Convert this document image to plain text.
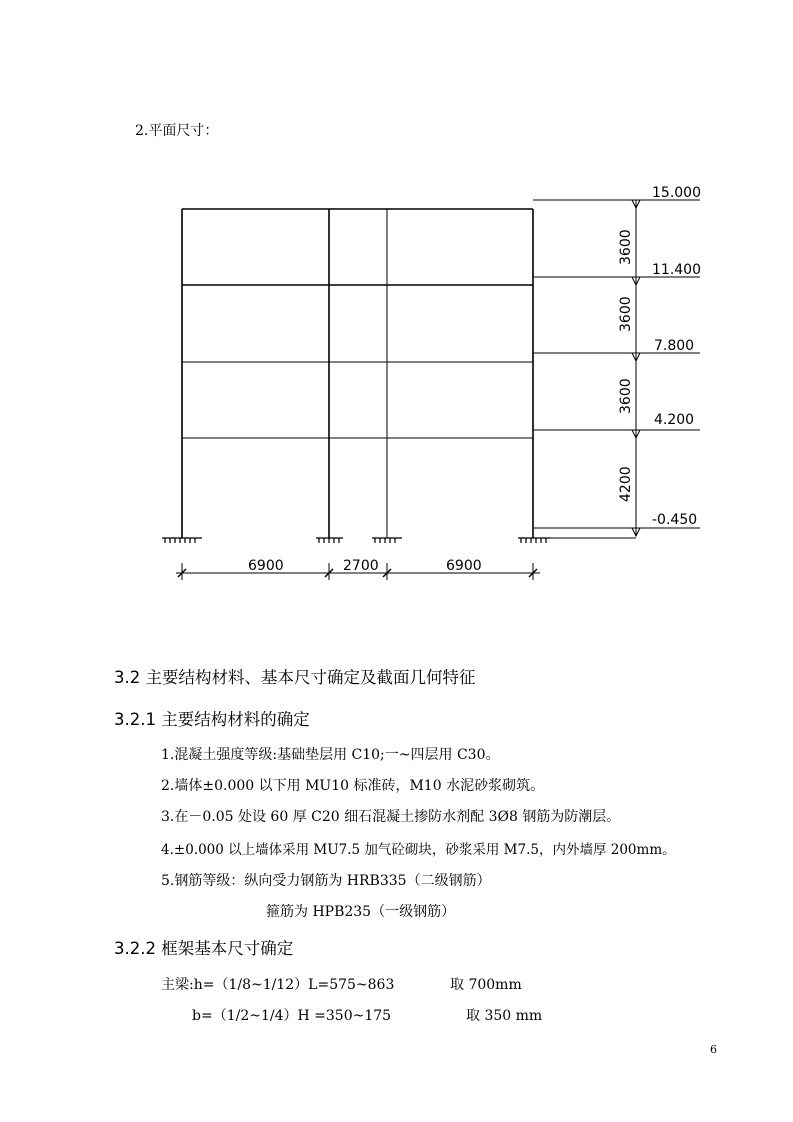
2.平面尺寸：
15.000
11.400
7.800
4.200
-0.450
3600
3600
3600
4200
6900	2700	6900
3.2 主要结构材料、基本尺寸确定及截面几何特征
3.2.1 主要结构材料的确定
1.混凝土强度等级:基础垫层用 C10;一~四层用 C30。
2.墙体±0.000 以下用 MU10 标准砖，M10 水泥砂浆砌筑。
3.在－0.05 处设 60 厚 C20 细石混凝土掺防水剂配 3Ø8 钢筋为防潮层。
4.±0.000 以上墙体采用 MU7.5 加气砼砌块，砂浆采用 M7.5，内外墙厚 200mm。
5.钢筋等级：纵向受力钢筋为 HRB335（二级钢筋）
箍筋为 HPB235（一级钢筋）
3.2.2 框架基本尺寸确定
主梁:h=（1/8~1/12）L=575~863	取 700mm
b=（1/2~1/4）H =350~175	取 350 mm
6
